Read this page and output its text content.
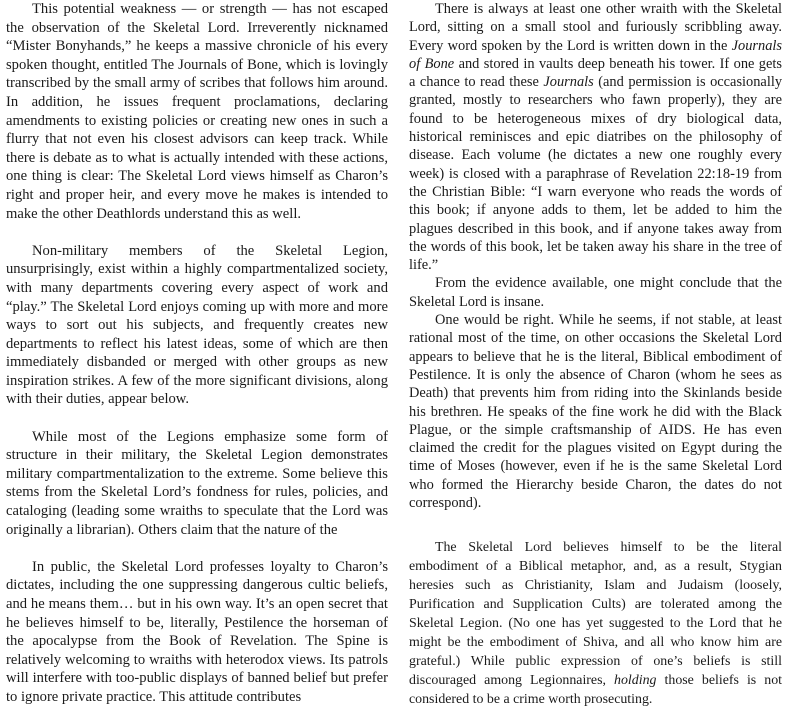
This potential weakness — or strength — has not escaped the observation of the Skeletal Lord. Irreverently nicknamed “Mister Bonyhands,” he keeps a massive chronicle of his every spoken thought, entitled The Journals of Bone, which is lovingly transcribed by the small army of scribes that follows him around. In addition, he issues frequent proclamations, declaring amendments to existing policies or creating new ones in such a flurry that not even his closest advisors can keep track. While there is debate as to what is actually intended with these actions, one thing is clear: The Skeletal Lord views himself as Charon’s right and proper heir, and every move he makes is intended to make the other Deathlords understand this as well.

Non-military members of the Skeletal Legion, unsurprisingly, exist within a highly compartmentalized society, with many departments covering every aspect of work and “play.” The Skeletal Lord enjoys coming up with more and more ways to sort out his subjects, and frequently creates new departments to reflect his latest ideas, some of which are then immediately disbanded or merged with other groups as new inspiration strikes. A few of the more significant divisions, along with their duties, appear below.

While most of the Legions emphasize some form of structure in their military, the Skeletal Legion demonstrates military compartmentalization to the extreme. Some believe this stems from the Skeletal Lord’s fondness for rules, policies, and cataloging (leading some wraiths to speculate that the Lord was originally a librarian). Others claim that the nature of the

In public, the Skeletal Lord professes loyalty to Charon’s dictates, including the one suppressing dangerous cultic beliefs, and he means them… but in his own way. It’s an open secret that he believes himself to be, literally, Pestilence the horseman of the apocalypse from the Book of Revelation. The Spine is relatively welcoming to wraiths with heterodox views. Its patrols will interfere with too-public displays of banned belief but prefer to ignore private practice. This attitude contributes

There is always at least one other wraith with the Skeletal Lord, sitting on a small stool and furiously scribbling away. Every word spoken by the Lord is written down in the Journals of Bone and stored in vaults deep beneath his tower. If one gets a chance to read these Journals (and permission is occasionally granted, mostly to researchers who fawn properly), they are found to be heterogeneous mixes of dry biological data, historical reminisces and epic diatribes on the philosophy of disease. Each volume (he dictates a new one roughly every week) is closed with a paraphrase of Revelation 22:18-19 from the Christian Bible: “I warn everyone who reads the words of this book; if anyone adds to them, let be added to him the plagues described in this book, and if anyone takes away from the words of this book, let be taken away his share in the tree of life.”

From the evidence available, one might conclude that the Skeletal Lord is insane.

One would be right. While he seems, if not stable, at least rational most of the time, on other occasions the Skeletal Lord appears to believe that he is the literal, Biblical embodiment of Pestilence. It is only the absence of Charon (whom he sees as Death) that prevents him from riding into the Skinlands beside his brethren. He speaks of the fine work he did with the Black Plague, or the simple craftsmanship of AIDS. He has even claimed the credit for the plagues visited on Egypt during the time of Moses (however, even if he is the same Skeletal Lord who formed the Hierarchy beside Charon, the dates do not correspond).

The Skeletal Lord believes himself to be the literal embodiment of a Biblical metaphor, and, as a result, Stygian heresies such as Christianity, Islam and Judaism (loosely, Purification and Supplication Cults) are tolerated among the Skeletal Legion. (No one has yet suggested to the Lord that he might be the embodiment of Shiva, and all who know him are grateful.) While public expression of one’s beliefs is still discouraged among Legionnaires, holding those beliefs is not considered to be a crime worth prosecuting.
